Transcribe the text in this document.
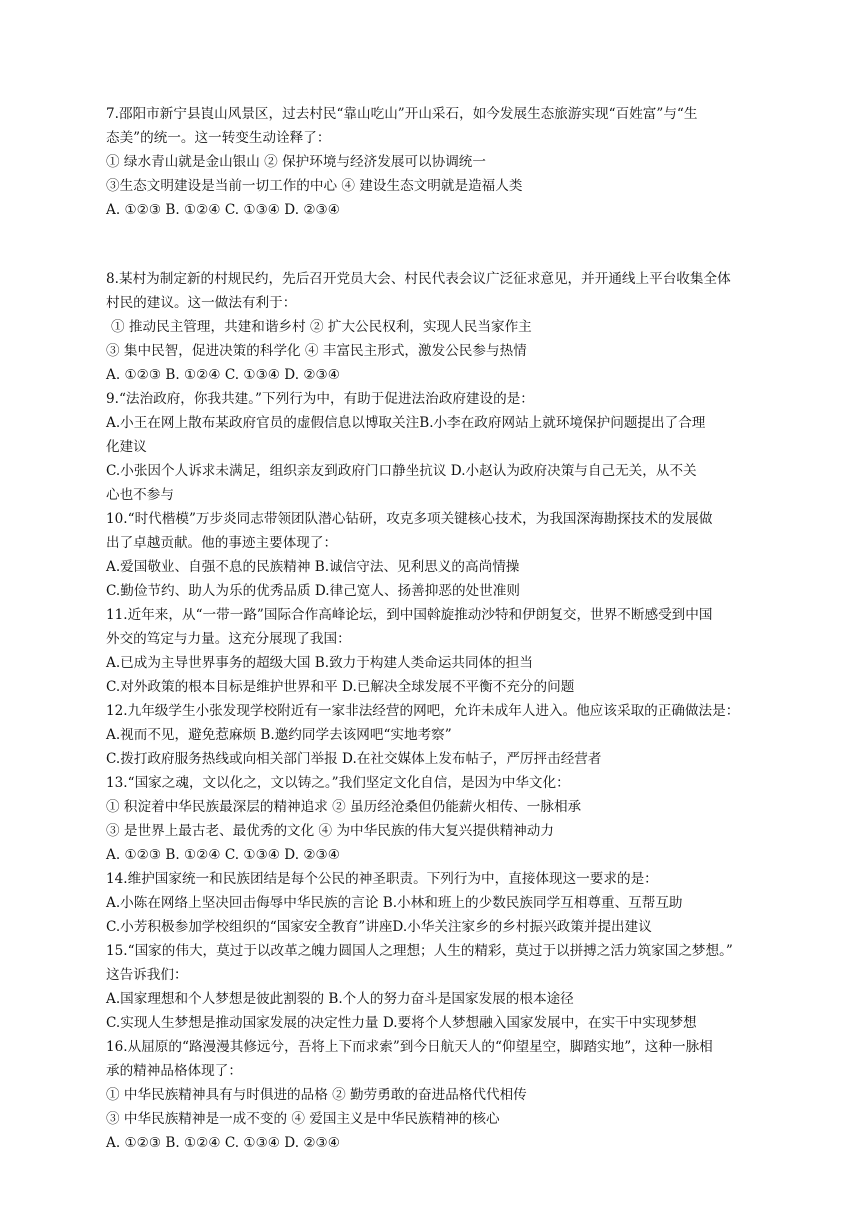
7.邵阳市新宁县崀山风景区，过去村民“靠山吃山”开山采石，如今发展生态旅游实现“百姓富”与“生
态美”的统一。这一转变生动诠释了：
① 绿水青山就是金山银山 ② 保护环境与经济发展可以协调统一
③生态文明建设是当前一切工作的中心 ④ 建设生态文明就是造福人类
A. ①②③ B. ①②④ C. ①③④ D. ②③④
8.某村为制定新的村规民约，先后召开党员大会、村民代表会议广泛征求意见，并开通线上平台收集全体
村民的建议。这一做法有利于：
① 推动民主管理，共建和谐乡村 ② 扩大公民权利，实现人民当家作主
③ 集中民智，促进决策的科学化 ④ 丰富民主形式，激发公民参与热情
A. ①②③ B. ①②④ C. ①③④ D. ②③④
9.“法治政府，你我共建。”下列行为中，有助于促进法治政府建设的是：
A.小王在网上散布某政府官员的虚假信息以博取关注B.小李在政府网站上就环境保护问题提出了合理
化建议
C.小张因个人诉求未满足，组织亲友到政府门口静坐抗议 D.小赵认为政府决策与自己无关，从不关
心也不参与
10.“时代楷模”万步炎同志带领团队潜心钻研，攻克多项关键核心技术，为我国深海勘探技术的发展做
出了卓越贡献。他的事迹主要体现了：
A.爱国敬业、自强不息的民族精神 B.诚信守法、见利思义的高尚情操
C.勤俭节约、助人为乐的优秀品质 D.律己宽人、扬善抑恶的处世准则
11.近年来，从“一带一路”国际合作高峰论坛，到中国斡旋推动沙特和伊朗复交，世界不断感受到中国
外交的笃定与力量。这充分展现了我国：
A.已成为主导世界事务的超级大国 B.致力于构建人类命运共同体的担当
C.对外政策的根本目标是维护世界和平 D.已解决全球发展不平衡不充分的问题
12.九年级学生小张发现学校附近有一家非法经营的网吧，允许未成年人进入。他应该采取的正确做法是：
A.视而不见，避免惹麻烦 B.邀约同学去该网吧“实地考察”
C.拨打政府服务热线或向相关部门举报 D.在社交媒体上发布帖子，严厉抨击经营者
13.“国家之魂，文以化之，文以铸之。”我们坚定文化自信，是因为中华文化：
① 积淀着中华民族最深层的精神追求 ② 虽历经沧桑但仍能薪火相传、一脉相承
③ 是世界上最古老、最优秀的文化 ④ 为中华民族的伟大复兴提供精神动力
A. ①②③ B. ①②④ C. ①③④ D. ②③④
14.维护国家统一和民族团结是每个公民的神圣职责。下列行为中，直接体现这一要求的是：
A.小陈在网络上坚决回击侮辱中华民族的言论 B.小林和班上的少数民族同学互相尊重、互帮互助
C.小芳积极参加学校组织的“国家安全教育”讲座D.小华关注家乡的乡村振兴政策并提出建议
15.“国家的伟大，莫过于以改革之魄力圆国人之理想；人生的精彩，莫过于以拼搏之活力筑家国之梦想。”
这告诉我们：
A.国家理想和个人梦想是彼此割裂的 B.个人的努力奋斗是国家发展的根本途径
C.实现人生梦想是推动国家发展的决定性力量 D.要将个人梦想融入国家发展中，在实干中实现梦想
16.从屈原的“路漫漫其修远兮，吾将上下而求索”到今日航天人的“仰望星空，脚踏实地”，这种一脉相
承的精神品格体现了：
① 中华民族精神具有与时俱进的品格 ② 勤劳勇敢的奋进品格代代相传
③ 中华民族精神是一成不变的 ④ 爱国主义是中华民族精神的核心
A. ①②③ B. ①②④ C. ①③④ D. ②③④
